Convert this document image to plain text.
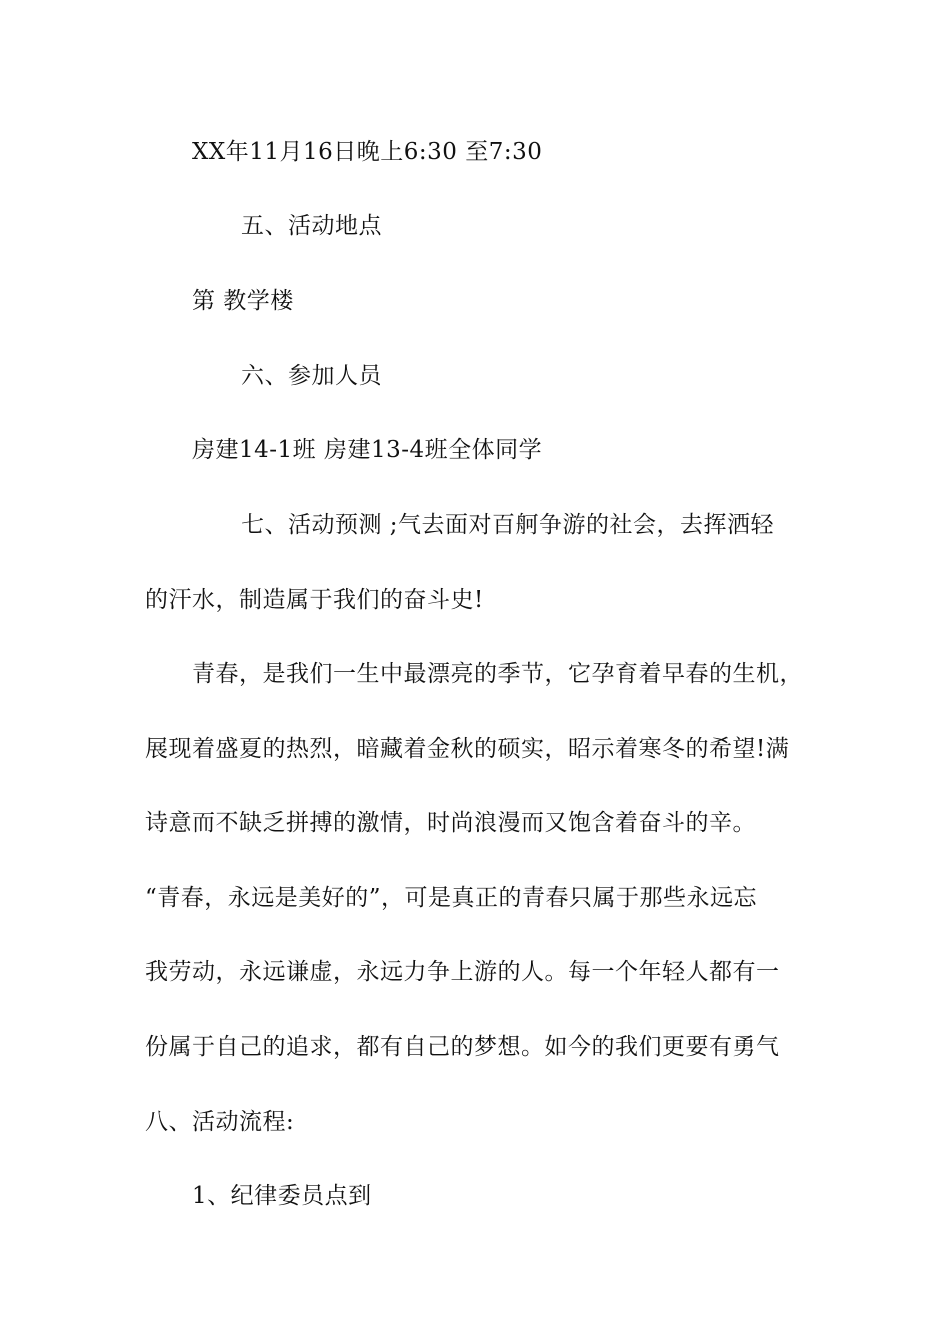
XX年11月16日晚上6:30 至7:30
五、活动地点
第 教学楼
六、参加人员
房建14-1班 房建13-4班全体同学
七、活动预测 ;气去面对百舸争游的社会，去挥洒轻
的汗水，制造属于我们的奋斗史!
青春，是我们一生中最漂亮的季节，它孕育着早春的生机，
展现着盛夏的热烈，暗藏着金秋的硕实，昭示着寒冬的希望!满
诗意而不缺乏拼搏的激情，时尚浪漫而又饱含着奋斗的辛。
“青春，永远是美好的”，可是真正的青春只属于那些永远忘
我劳动，永远谦虚，永远力争上游的人。每一个年轻人都有一
份属于自己的追求，都有自己的梦想。如今的我们更要有勇气
八、活动流程:
1、纪律委员点到
